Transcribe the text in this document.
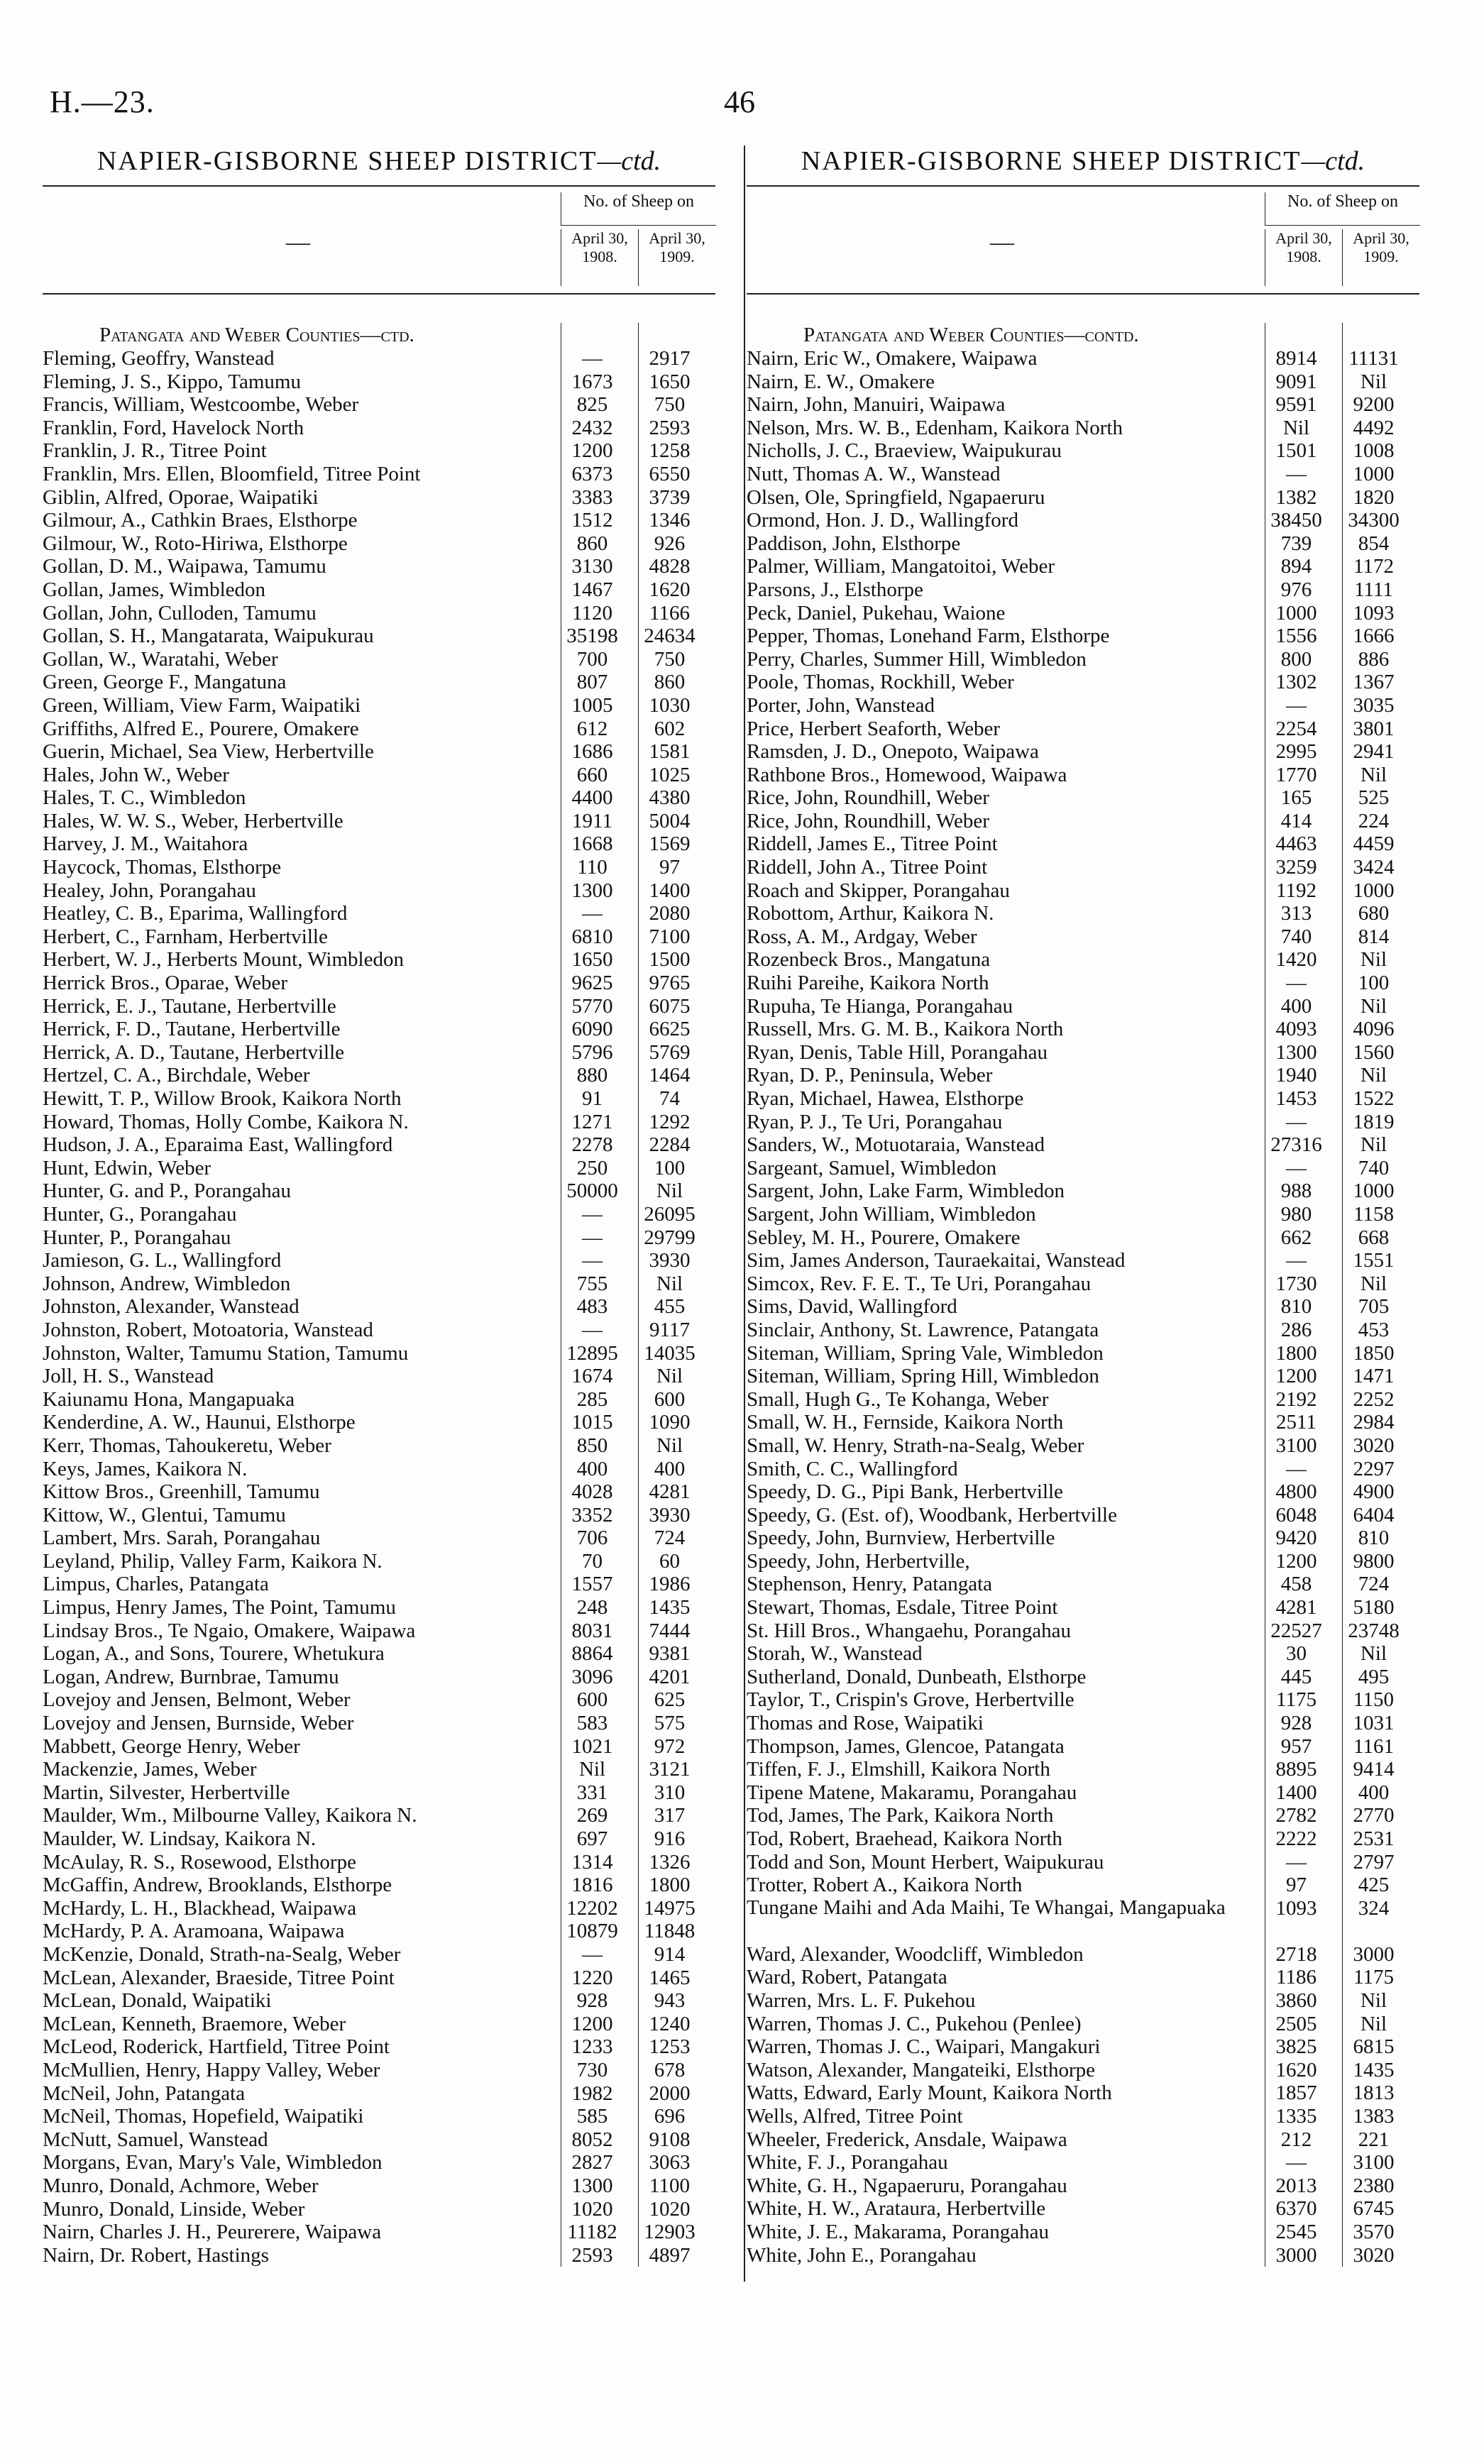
H.—23.	46
NAPIER-GISBORNE SHEEP DISTRICT—ctd.
—
No. of Sheep on
April 30, 1908.
April 30, 1909.
Patangata and Weber Counties—ctd.
Fleming, Geoffry, Wanstead	—	2917
Fleming, J. S., Kippo, Tamumu	1673	1650
Francis, William, Westcoombe, Weber	825	750
Franklin, Ford, Havelock North	2432	2593
Franklin, J. R., Titree Point	1200	1258
Franklin, Mrs. Ellen, Bloomfield, Titree Point	6373	6550
Giblin, Alfred, Oporae, Waipatiki	3383	3739
Gilmour, A., Cathkin Braes, Elsthorpe	1512	1346
Gilmour, W., Roto-Hiriwa, Elsthorpe	860	926
Gollan, D. M., Waipawa, Tamumu	3130	4828
Gollan, James, Wimbledon	1467	1620
Gollan, John, Culloden, Tamumu	1120	1166
Gollan, S. H., Mangatarata, Waipukurau	35198	24634
Gollan, W., Waratahi, Weber	700	750
Green, George F., Mangatuna	807	860
Green, William, View Farm, Waipatiki	1005	1030
Griffiths, Alfred E., Pourere, Omakere	612	602
Guerin, Michael, Sea View, Herbertville	1686	1581
Hales, John W., Weber	660	1025
Hales, T. C., Wimbledon	4400	4380
Hales, W. W. S., Weber, Herbertville	1911	5004
Harvey, J. M., Waitahora	1668	1569
Haycock, Thomas, Elsthorpe	110	97
Healey, John, Porangahau	1300	1400
Heatley, C. B., Eparima, Wallingford	—	2080
Herbert, C., Farnham, Herbertville	6810	7100
Herbert, W. J., Herberts Mount, Wimbledon	1650	1500
Herrick Bros., Oparae, Weber	9625	9765
Herrick, E. J., Tautane, Herbertville	5770	6075
Herrick, F. D., Tautane, Herbertville	6090	6625
Herrick, A. D., Tautane, Herbertville	5796	5769
Hertzel, C. A., Birchdale, Weber	880	1464
Hewitt, T. P., Willow Brook, Kaikora North	91	74
Howard, Thomas, Holly Combe, Kaikora N.	1271	1292
Hudson, J. A., Eparaima East, Wallingford	2278	2284
Hunt, Edwin, Weber	250	100
Hunter, G. and P., Porangahau	50000	Nil
Hunter, G., Porangahau	—	26095
Hunter, P., Porangahau	—	29799
Jamieson, G. L., Wallingford	—	3930
Johnson, Andrew, Wimbledon	755	Nil
Johnston, Alexander, Wanstead	483	455
Johnston, Robert, Motoatoria, Wanstead	—	9117
Johnston, Walter, Tamumu Station, Tamumu	12895	14035
Joll, H. S., Wanstead	1674	Nil
Kaiunamu Hona, Mangapuaka	285	600
Kenderdine, A. W., Haunui, Elsthorpe	1015	1090
Kerr, Thomas, Tahoukeretu, Weber	850	Nil
Keys, James, Kaikora N.	400	400
Kittow Bros., Greenhill, Tamumu	4028	4281
Kittow, W., Glentui, Tamumu	3352	3930
Lambert, Mrs. Sarah, Porangahau	706	724
Leyland, Philip, Valley Farm, Kaikora N.	70	60
Limpus, Charles, Patangata	1557	1986
Limpus, Henry James, The Point, Tamumu	248	1435
Lindsay Bros., Te Ngaio, Omakere, Waipawa	8031	7444
Logan, A., and Sons, Tourere, Whetukura	8864	9381
Logan, Andrew, Burnbrae, Tamumu	3096	4201
Lovejoy and Jensen, Belmont, Weber	600	625
Lovejoy and Jensen, Burnside, Weber	583	575
Mabbett, George Henry, Weber	1021	972
Mackenzie, James, Weber	Nil	3121
Martin, Silvester, Herbertville	331	310
Maulder, Wm., Milbourne Valley, Kaikora N.	269	317
Maulder, W. Lindsay, Kaikora N.	697	916
McAulay, R. S., Rosewood, Elsthorpe	1314	1326
McGaffin, Andrew, Brooklands, Elsthorpe	1816	1800
McHardy, L. H., Blackhead, Waipawa	12202	14975
McHardy, P. A. Aramoana, Waipawa	10879	11848
McKenzie, Donald, Strath-na-Sealg, Weber	—	914
McLean, Alexander, Braeside, Titree Point	1220	1465
McLean, Donald, Waipatiki	928	943
McLean, Kenneth, Braemore, Weber	1200	1240
McLeod, Roderick, Hartfield, Titree Point	1233	1253
McMullien, Henry, Happy Valley, Weber	730	678
McNeil, John, Patangata	1982	2000
McNeil, Thomas, Hopefield, Waipatiki	585	696
McNutt, Samuel, Wanstead	8052	9108
Morgans, Evan, Mary's Vale, Wimbledon	2827	3063
Munro, Donald, Achmore, Weber	1300	1100
Munro, Donald, Linside, Weber	1020	1020
Nairn, Charles J. H., Peurerere, Waipawa	11182	12903
Nairn, Dr. Robert, Hastings	2593	4897
NAPIER-GISBORNE SHEEP DISTRICT—ctd.
—
No. of Sheep on
April 30, 1908.
April 30, 1909.
Patangata and Weber Counties—contd.
Nairn, Eric W., Omakere, Waipawa	8914	11131
Nairn, E. W., Omakere	9091	Nil
Nairn, John, Manuiri, Waipawa	9591	9200
Nelson, Mrs. W. B., Edenham, Kaikora North	Nil	4492
Nicholls, J. C., Braeview, Waipukurau	1501	1008
Nutt, Thomas A. W., Wanstead	—	1000
Olsen, Ole, Springfield, Ngapaeruru	1382	1820
Ormond, Hon. J. D., Wallingford	38450	34300
Paddison, John, Elsthorpe	739	854
Palmer, William, Mangatoitoi, Weber	894	1172
Parsons, J., Elsthorpe	976	1111
Peck, Daniel, Pukehau, Waione	1000	1093
Pepper, Thomas, Lonehand Farm, Elsthorpe	1556	1666
Perry, Charles, Summer Hill, Wimbledon	800	886
Poole, Thomas, Rockhill, Weber	1302	1367
Porter, John, Wanstead	—	3035
Price, Herbert Seaforth, Weber	2254	3801
Ramsden, J. D., Onepoto, Waipawa	2995	2941
Rathbone Bros., Homewood, Waipawa	1770	Nil
Rice, John, Roundhill, Weber	165	525
Rice, John, Roundhill, Weber	414	224
Riddell, James E., Titree Point	4463	4459
Riddell, John A., Titree Point	3259	3424
Roach and Skipper, Porangahau	1192	1000
Robottom, Arthur, Kaikora N.	313	680
Ross, A. M., Ardgay, Weber	740	814
Rozenbeck Bros., Mangatuna	1420	Nil
Ruihi Pareihe, Kaikora North	—	100
Rupuha, Te Hianga, Porangahau	400	Nil
Russell, Mrs. G. M. B., Kaikora North	4093	4096
Ryan, Denis, Table Hill, Porangahau	1300	1560
Ryan, D. P., Peninsula, Weber	1940	Nil
Ryan, Michael, Hawea, Elsthorpe	1453	1522
Ryan, P. J., Te Uri, Porangahau	—	1819
Sanders, W., Motuotaraia, Wanstead	27316	Nil
Sargeant, Samuel, Wimbledon	—	740
Sargent, John, Lake Farm, Wimbledon	988	1000
Sargent, John William, Wimbledon	980	1158
Sebley, M. H., Pourere, Omakere	662	668
Sim, James Anderson, Tauraekaitai, Wanstead	—	1551
Simcox, Rev. F. E. T., Te Uri, Porangahau	1730	Nil
Sims, David, Wallingford	810	705
Sinclair, Anthony, St. Lawrence, Patangata	286	453
Siteman, William, Spring Vale, Wimbledon	1800	1850
Siteman, William, Spring Hill, Wimbledon	1200	1471
Small, Hugh G., Te Kohanga, Weber	2192	2252
Small, W. H., Fernside, Kaikora North	2511	2984
Small, W. Henry, Strath-na-Sealg, Weber	3100	3020
Smith, C. C., Wallingford	—	2297
Speedy, D. G., Pipi Bank, Herbertville	4800	4900
Speedy, G. (Est. of), Woodbank, Herbertville	6048	6404
Speedy, John, Burnview, Herbertville	9420	810
Speedy, John, Herbertville,	1200	9800
Stephenson, Henry, Patangata	458	724
Stewart, Thomas, Esdale, Titree Point	4281	5180
St. Hill Bros., Whangaehu, Porangahau	22527	23748
Storah, W., Wanstead	30	Nil
Sutherland, Donald, Dunbeath, Elsthorpe	445	495
Taylor, T., Crispin's Grove, Herbertville	1175	1150
Thomas and Rose, Waipatiki	928	1031
Thompson, James, Glencoe, Patangata	957	1161
Tiffen, F. J., Elmshill, Kaikora North	8895	9414
Tipene Matene, Makaramu, Porangahau	1400	400
Tod, James, The Park, Kaikora North	2782	2770
Tod, Robert, Braehead, Kaikora North	2222	2531
Todd and Son, Mount Herbert, Waipukurau	—	2797
Trotter, Robert A., Kaikora North	97	425
Tungane Maihi and Ada Maihi, Te Whangai, Mangapuaka	1093	324
Ward, Alexander, Woodcliff, Wimbledon	2718	3000
Ward, Robert, Patangata	1186	1175
Warren, Mrs. L. F. Pukehou	3860	Nil
Warren, Thomas J. C., Pukehou (Penlee)	2505	Nil
Warren, Thomas J. C., Waipari, Mangakuri	3825	6815
Watson, Alexander, Mangateiki, Elsthorpe	1620	1435
Watts, Edward, Early Mount, Kaikora North	1857	1813
Wells, Alfred, Titree Point	1335	1383
Wheeler, Frederick, Ansdale, Waipawa	212	221
White, F. J., Porangahau	—	3100
White, G. H., Ngapaeruru, Porangahau	2013	2380
White, H. W., Arataura, Herbertville	6370	6745
White, J. E., Makarama, Porangahau	2545	3570
White, John E., Porangahau	3000	3020
